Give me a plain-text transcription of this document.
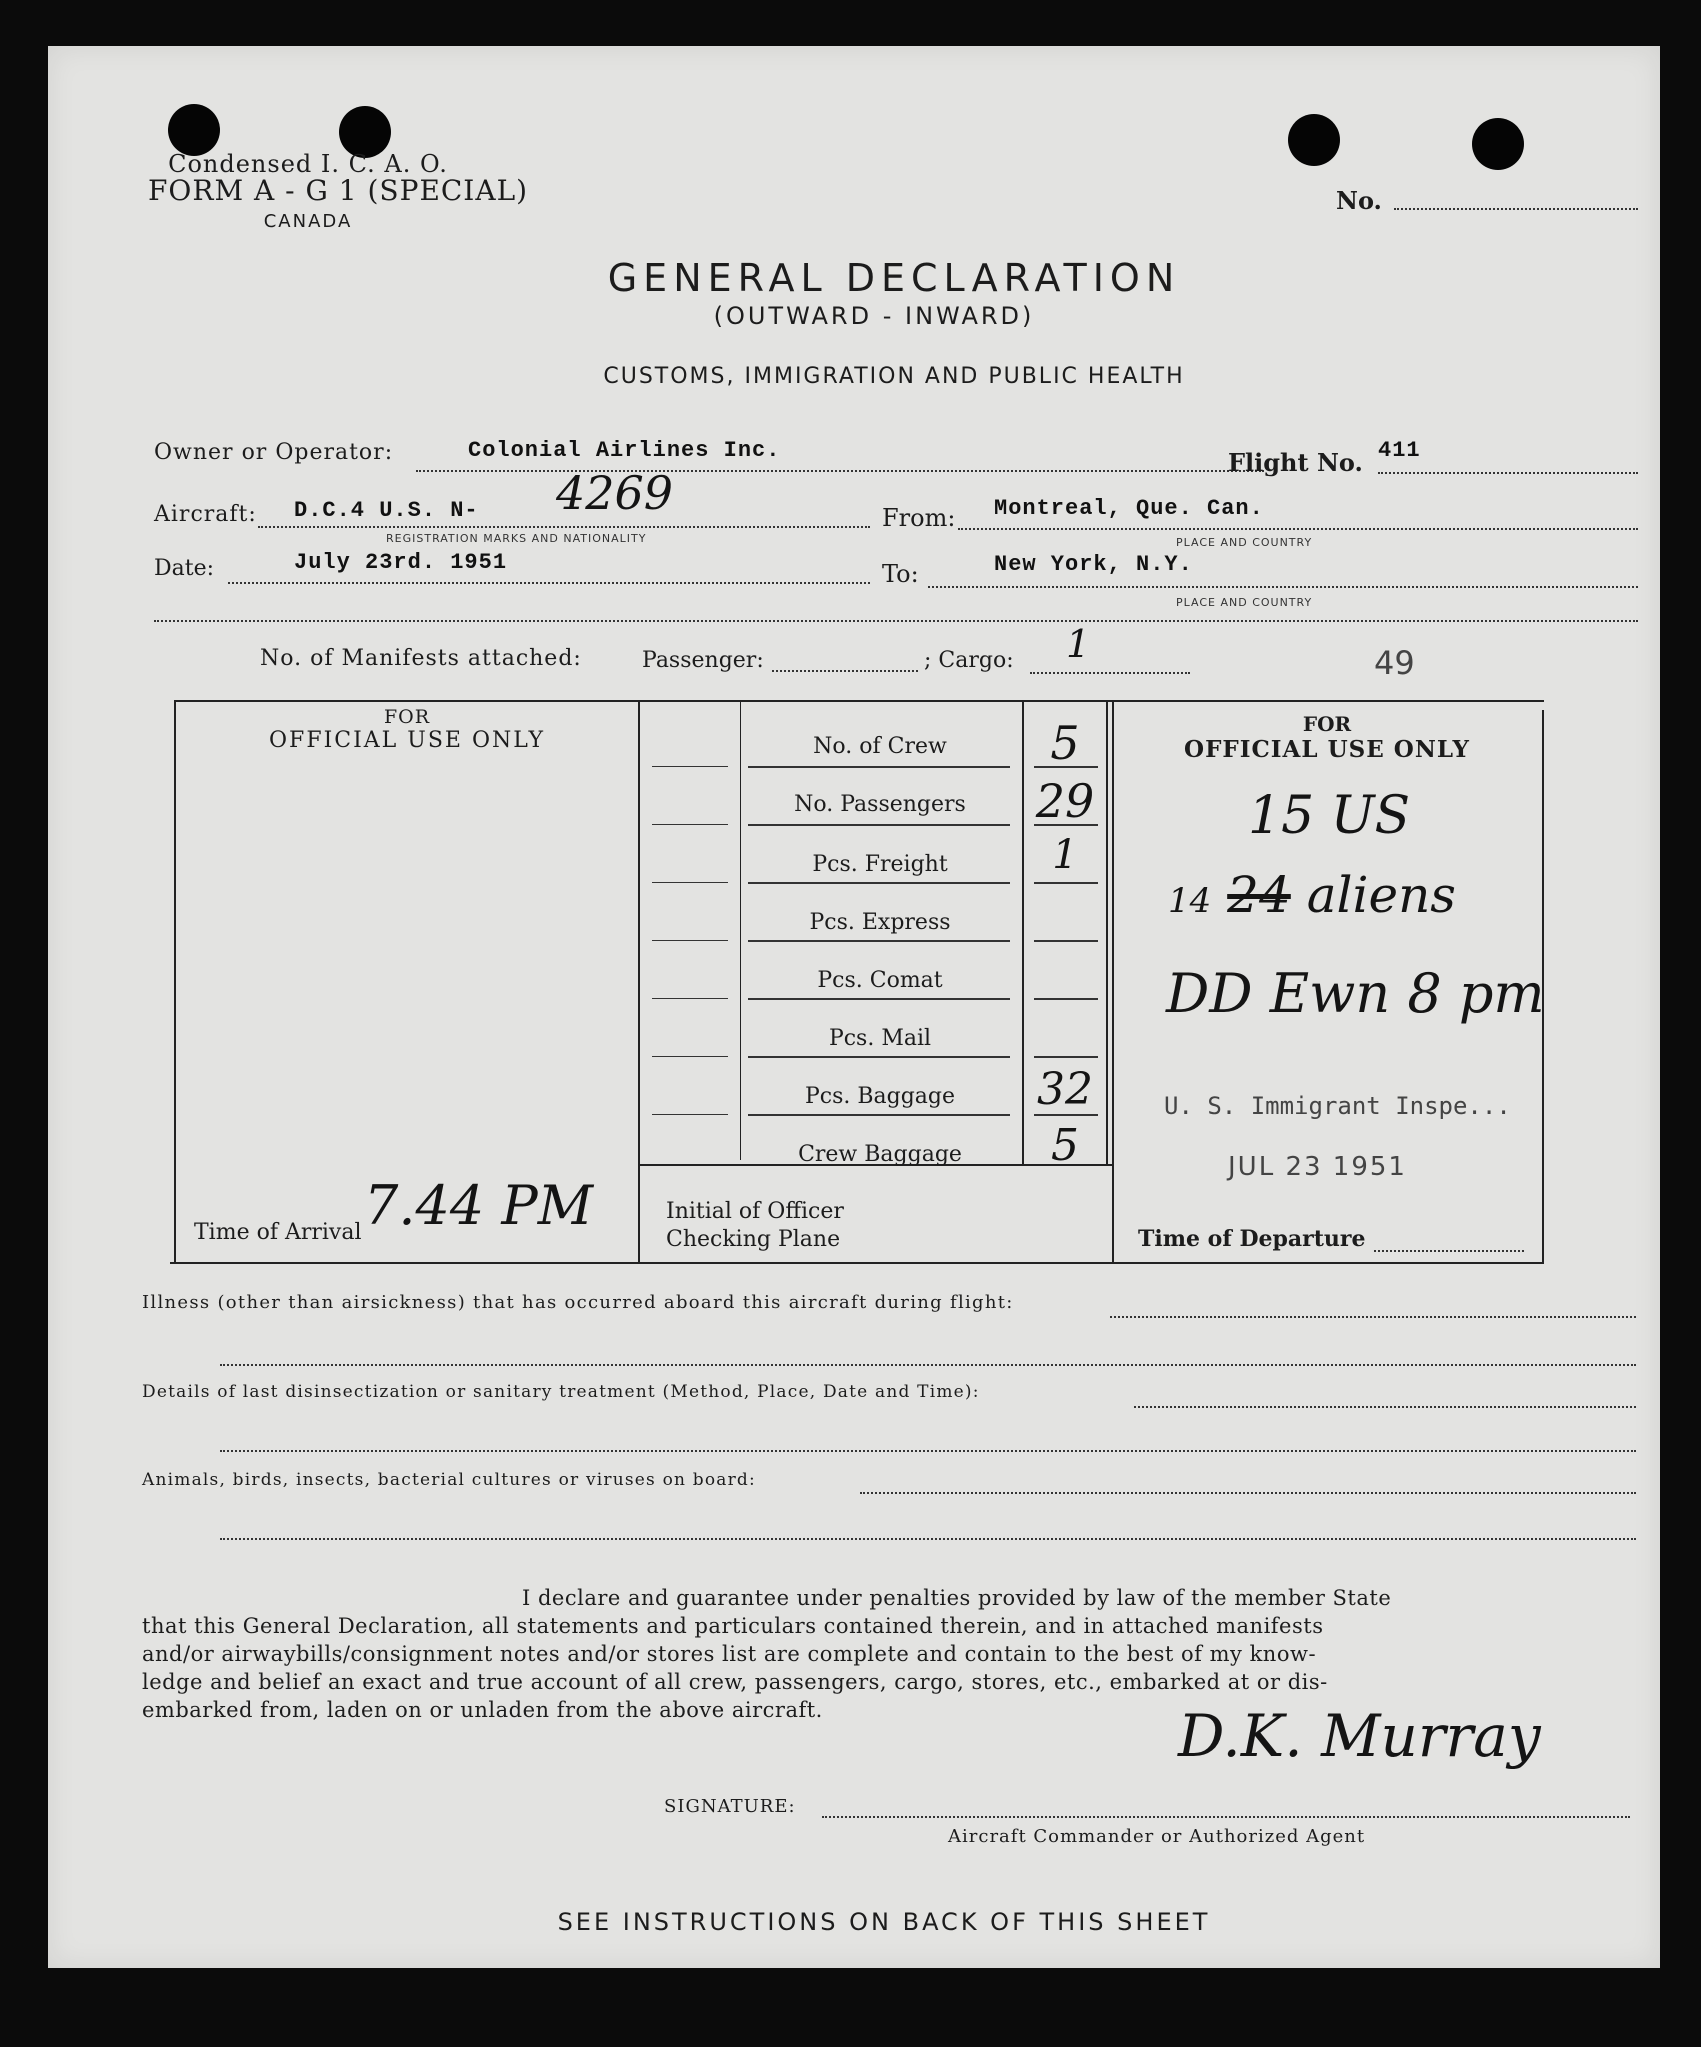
Condensed I. C. A. O.
FORM A - G 1 (SPECIAL)
CANADA
No.
GENERAL DECLARATION
(OUTWARD - INWARD)
CUSTOMS, IMMIGRATION AND PUBLIC HEALTH
Owner or Operator:	Colonial Airlines Inc.	Flight No. 411
Aircraft: D.C.4 U.S. N- 4269
REGISTRATION MARKS AND NATIONALITY
From: Montreal, Que. Can.
PLACE AND COUNTRY
Date:	July 23rd. 1951	To:	New York, N.Y.
PLACE AND COUNTRY
No. of Manifests attached:	Passenger:	; Cargo: 1	49
FOR
OFFICIAL USE ONLY
Time of Arrival 7.44 PM	Initial of Officer
Checking Plane
No. of Crew	5
No. Passengers	29
Pcs. Freight	1
Pcs. Express
Pcs. Comat
Pcs. Mail
Pcs. Baggage	32
Crew Baggage	5
FOR
OFFICIAL USE ONLY
15 US
14 24 aliens
DD Ewn 8 pm
U. S. Immigrant Inspe...
JUL 23 1951
Time of Departure
Illness (other than airsickness) that has occurred aboard this aircraft during flight:
Details of last disinsectization or sanitary treatment (Method, Place, Date and Time):
Animals, birds, insects, bacterial cultures or viruses on board:
I declare and guarantee under penalties provided by law of the member State
that this General Declaration, all statements and particulars contained therein, and in attached manifests
and/or airwaybills/consignment notes and/or stores list are complete and contain to the best of my know-
ledge and belief an exact and true account of all crew, passengers, cargo, stores, etc., embarked at or dis-
embarked from, laden on or unladen from the above aircraft.	D.K. Murray
SIGNATURE:
Aircraft Commander or Authorized Agent
SEE INSTRUCTIONS ON BACK OF THIS SHEET
